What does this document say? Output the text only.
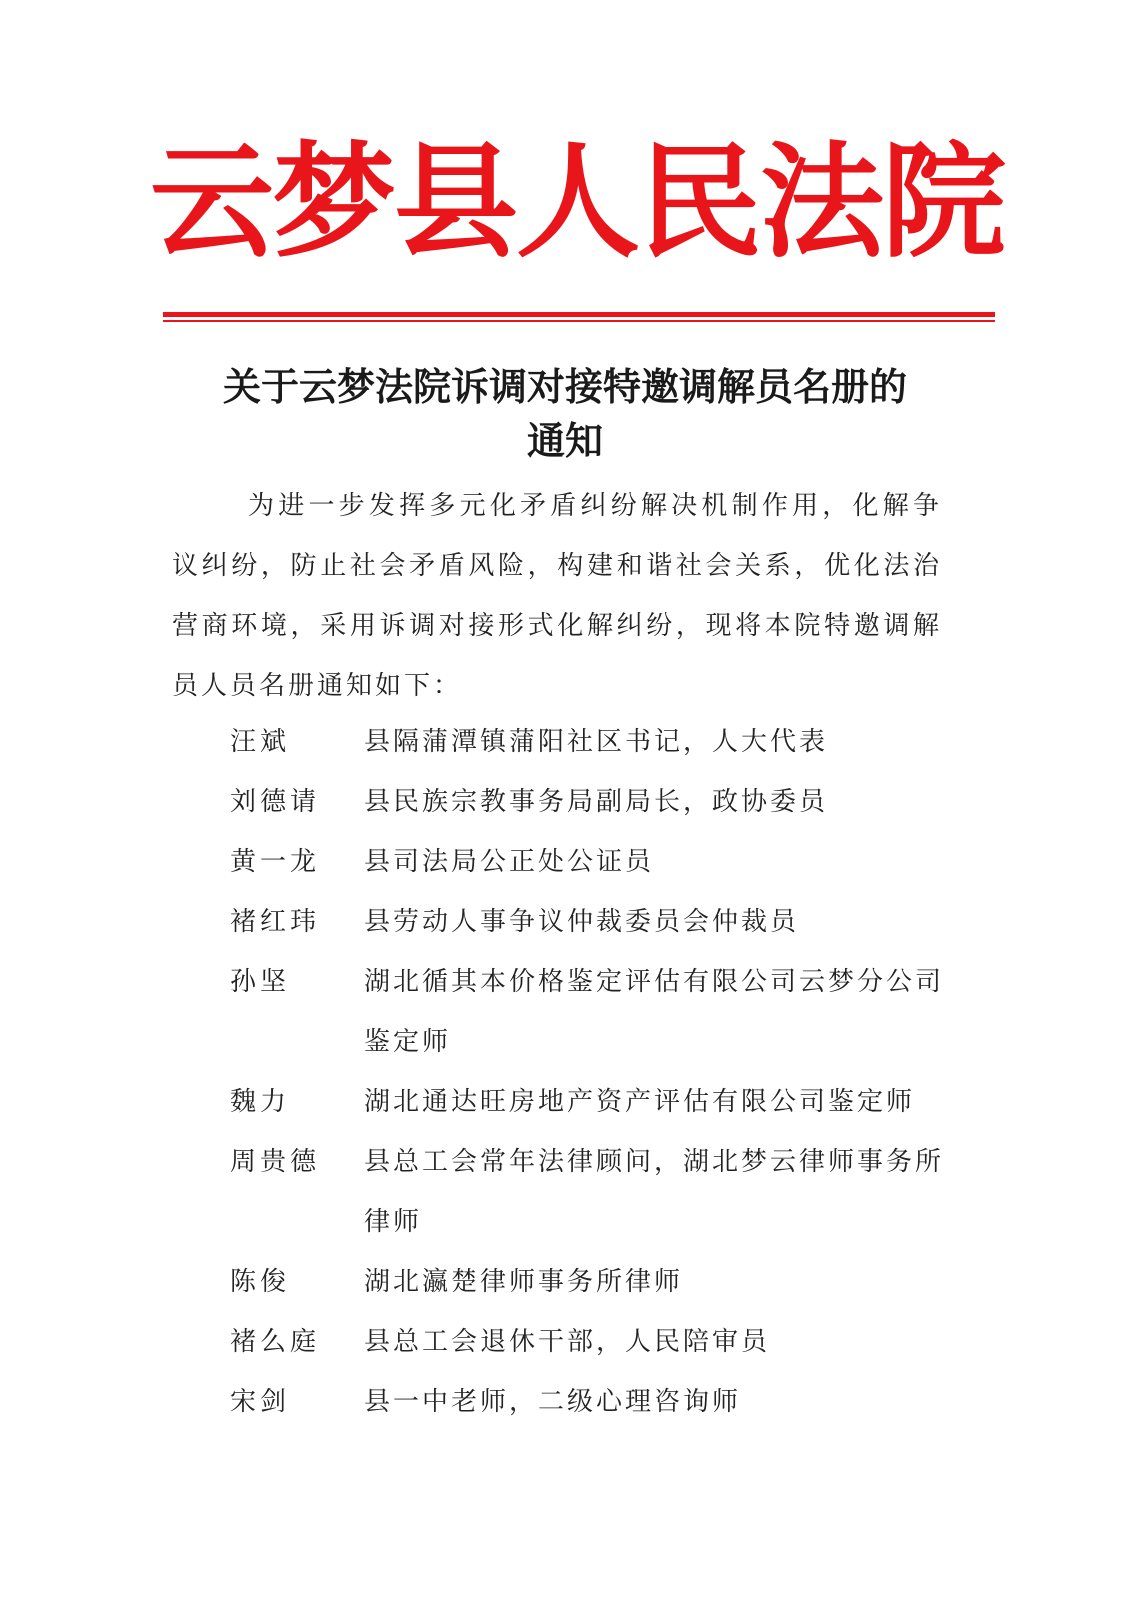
云梦县人民法院
关于云梦法院诉调对接特邀调解员名册的
通知
为进一步发挥多元化矛盾纠纷解决机制作用，化解争议纠纷，防止社会矛盾风险，构建和谐社会关系，优化法治营商环境，采用诉调对接形式化解纠纷，现将本院特邀调解员人员名册通知如下：
汪斌	县隔蒲潭镇蒲阳社区书记，人大代表
刘德请	县民族宗教事务局副局长，政协委员
黄一龙	县司法局公正处公证员
褚红玮	县劳动人事争议仲裁委员会仲裁员
孙坚	湖北循其本价格鉴定评估有限公司云梦分公司鉴定师
魏力	湖北通达旺房地产资产评估有限公司鉴定师
周贵德	县总工会常年法律顾问，湖北梦云律师事务所律师
陈俊	湖北瀛楚律师事务所律师
褚么庭	县总工会退休干部，人民陪审员
宋剑	县一中老师，二级心理咨询师
